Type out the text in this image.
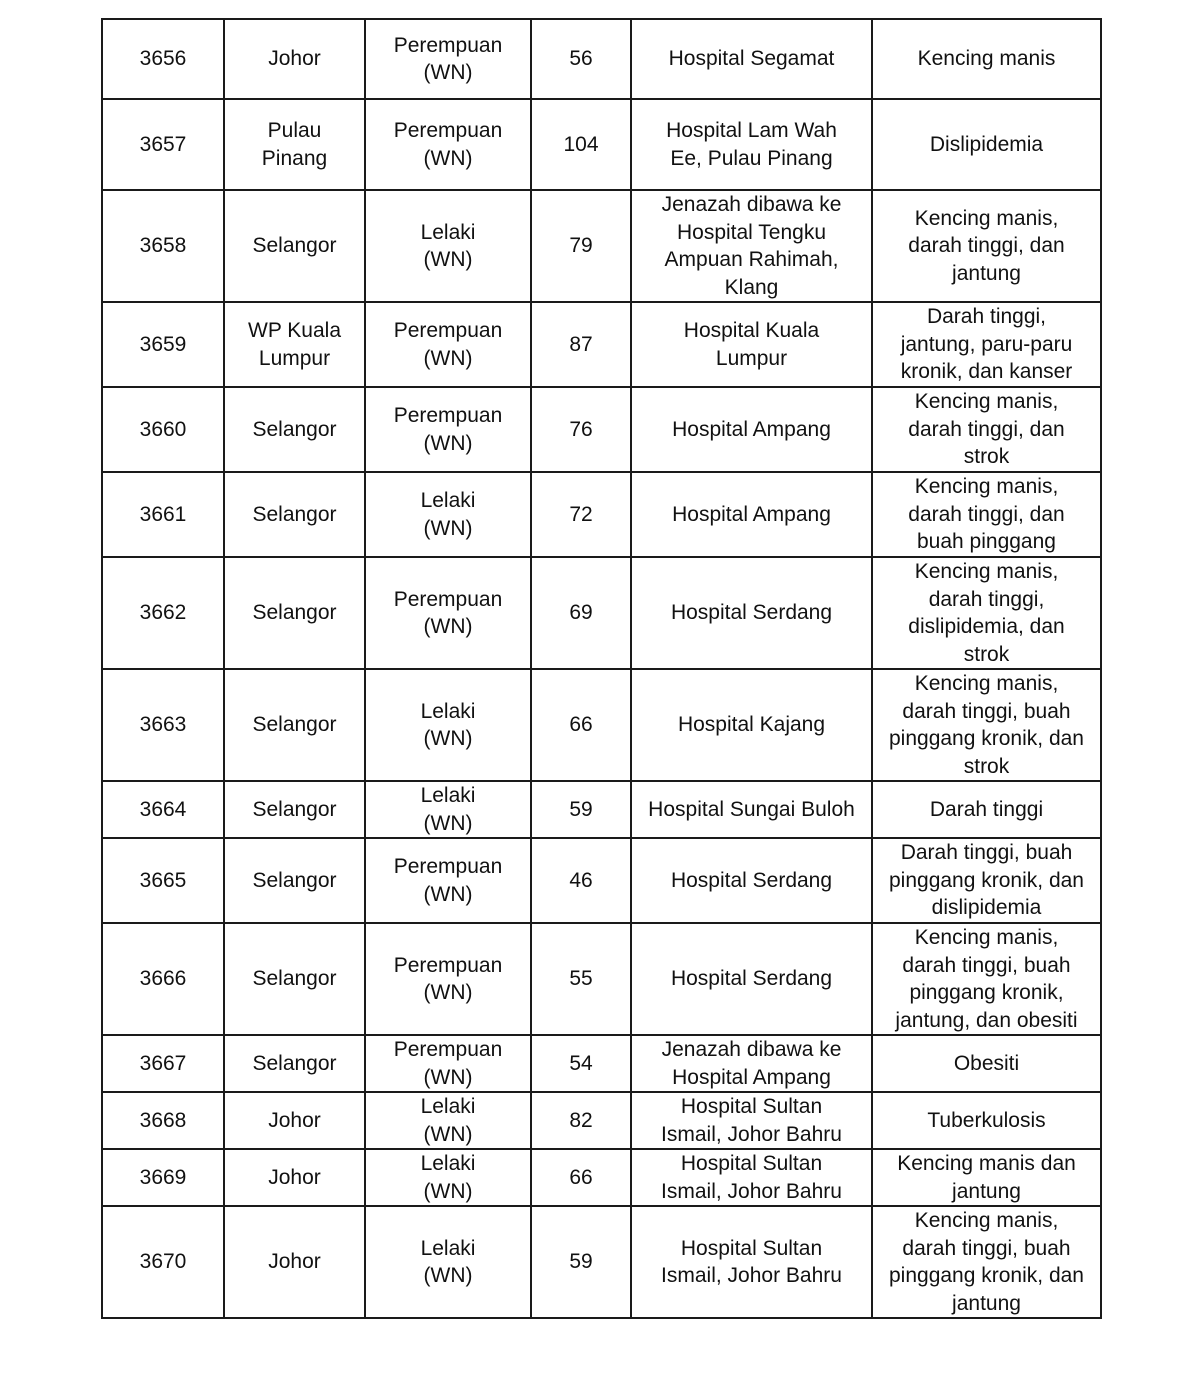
3656	Johor	Perempuan
(WN)	56	Hospital Segamat	Kencing manis

3657	Pulau
Pinang	Perempuan
(WN)	104	Hospital Lam Wah
Ee, Pulau Pinang	Dislipidemia

3658	Selangor	Lelaki
(WN)	79	Jenazah dibawa ke
Hospital Tengku
Ampuan Rahimah,
Klang	Kencing manis,
darah tinggi, dan
jantung

3659	WP Kuala
Lumpur	Perempuan
(WN)	87	Hospital Kuala
Lumpur	Darah tinggi,
jantung, paru-paru
kronik, dan kanser

3660	Selangor	Perempuan
(WN)	76	Hospital Ampang	Kencing manis,
darah tinggi, dan
strok

3661	Selangor	Lelaki
(WN)	72	Hospital Ampang	Kencing manis,
darah tinggi, dan
buah pinggang

3662	Selangor	Perempuan
(WN)	69	Hospital Serdang	Kencing manis,
darah tinggi,
dislipidemia, dan
strok

3663	Selangor	Lelaki
(WN)	66	Hospital Kajang	Kencing manis,
darah tinggi, buah
pinggang kronik, dan
strok

3664	Selangor	Lelaki
(WN)	59	Hospital Sungai Buloh	Darah tinggi

3665	Selangor	Perempuan
(WN)	46	Hospital Serdang	Darah tinggi, buah
pinggang kronik, dan
dislipidemia

3666	Selangor	Perempuan
(WN)	55	Hospital Serdang	Kencing manis,
darah tinggi, buah
pinggang kronik,
jantung, dan obesiti

3667	Selangor	Perempuan
(WN)	54	Jenazah dibawa ke
Hospital Ampang	Obesiti

3668	Johor	Lelaki
(WN)	82	Hospital Sultan
Ismail, Johor Bahru	Tuberkulosis

3669	Johor	Lelaki
(WN)	66	Hospital Sultan
Ismail, Johor Bahru	Kencing manis dan
jantung

3670	Johor	Lelaki
(WN)	59	Hospital Sultan
Ismail, Johor Bahru	Kencing manis,
darah tinggi, buah
pinggang kronik, dan
jantung
